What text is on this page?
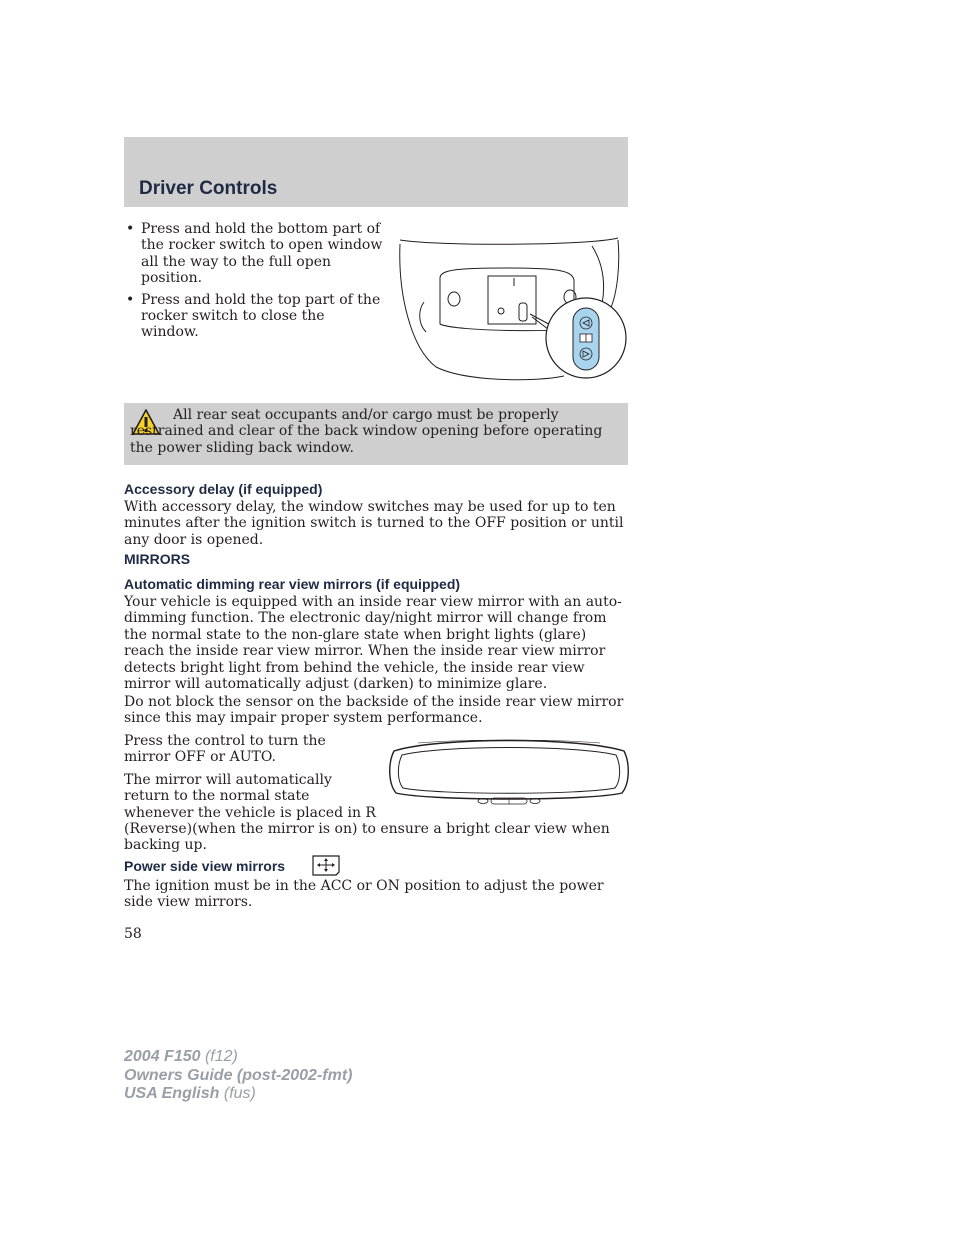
Driver Controls
• Press and hold the bottom part of the rocker switch to open window all the way to the full open position.
• Press and hold the top part of the rocker switch to close the window.
All rear seat occupants and/or cargo must be properly restrained and clear of the back window opening before operating the power sliding back window.
Accessory delay (if equipped)
With accessory delay, the window switches may be used for up to ten minutes after the ignition switch is turned to the OFF position or until any door is opened.
MIRRORS
Automatic dimming rear view mirrors (if equipped)
Your vehicle is equipped with an inside rear view mirror with an auto-dimming function. The electronic day/night mirror will change from the normal state to the non-glare state when bright lights (glare) reach the inside rear view mirror. When the inside rear view mirror detects bright light from behind the vehicle, the inside rear view mirror will automatically adjust (darken) to minimize glare.
Do not block the sensor on the backside of the inside rear view mirror since this may impair proper system performance.
Press the control to turn the mirror OFF or AUTO.
The mirror will automatically return to the normal state whenever the vehicle is placed in R
(Reverse)(when the mirror is on) to ensure a bright clear view when backing up.
Power side view mirrors
The ignition must be in the ACC or ON position to adjust the power side view mirrors.
58
2004 F150 (f12)
Owners Guide (post-2002-fmt)
USA English (fus)
